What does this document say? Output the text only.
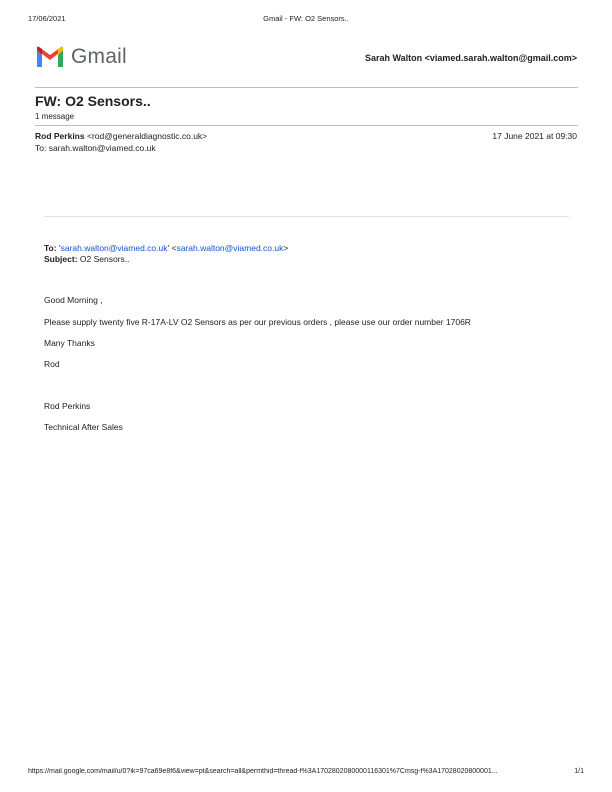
17/06/2021	Gmail - FW: O2 Sensors..
Gmail	Sarah Walton <viamed.sarah.walton@gmail.com>
FW: O2 Sensors..
1 message
Rod Perkins <rod@generaldiagnostic.co.uk>	17 June 2021 at 09:30
To: sarah.walton@viamed.co.uk
To: 'sarah.walton@viamed.co.uk' <sarah.walton@viamed.co.uk>
Subject: O2 Sensors..
Good Morning ,
Please supply twenty five R-17A-LV O2 Sensors as per our previous orders , please use our order number 1706R
Many Thanks
Rod
Rod Perkins
Technical After Sales
https://mail.google.com/mail/u/0?ik=97ca69e8f6&view=pt&search=all&permthid=thread-f%3A1702802080000116301%7Cmsg-f%3A17028020800001...	1/1
